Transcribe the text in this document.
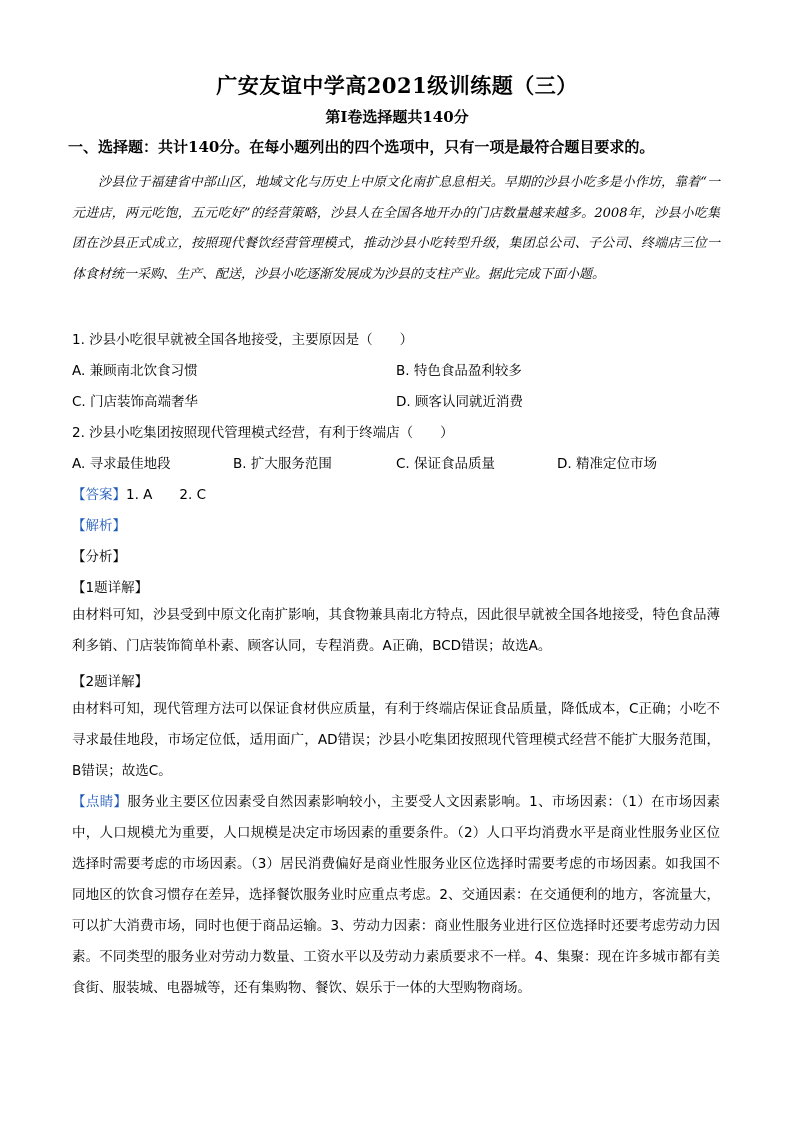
广安友谊中学高2021级训练题（三）
第Ⅰ卷选择题共140分
一、选择题：共计140分。在每小题列出的四个选项中，只有一项是最符合题目要求的。
沙县位于福建省中部山区，地域文化与历史上中原文化南扩息息相关。早期的沙县小吃多是小作坊，靠着“一元进店，两元吃饱，五元吃好”的经营策略，沙县人在全国各地开办的门店数量越来越多。2008年，沙县小吃集团在沙县正式成立，按照现代餐饮经营管理模式，推动沙县小吃转型升级，集团总公司、子公司、终端店三位一体食材统一采购、生产、配送，沙县小吃逐渐发展成为沙县的支柱产业。据此完成下面小题。
1. 沙县小吃很早就被全国各地接受，主要原因是（　　）
A. 兼顾南北饮食习惯	B. 特色食品盈利较多
C. 门店装饰高端奢华	D. 顾客认同就近消费
2. 沙县小吃集团按照现代管理模式经营，有利于终端店（　　）
A. 寻求最佳地段	B. 扩大服务范围	C. 保证食品质量	D. 精准定位市场
【答案】1. A　　2. C
【解析】
【分析】
【1题详解】
由材料可知，沙县受到中原文化南扩影响，其食物兼具南北方特点，因此很早就被全国各地接受，特色食品薄利多销、门店装饰简单朴素、顾客认同，专程消费。A正确，BCD错误；故选A。
【2题详解】
由材料可知，现代管理方法可以保证食材供应质量，有利于终端店保证食品质量，降低成本，C正确；小吃不寻求最佳地段，市场定位低，适用面广，AD错误；沙县小吃集团按照现代管理模式经营不能扩大服务范围，B错误；故选C。
【点睛】服务业主要区位因素受自然因素影响较小，主要受人文因素影响。1、市场因素：（1）在市场因素中，人口规模尤为重要，人口规模是决定市场因素的重要条件。（2）人口平均消费水平是商业性服务业区位选择时需要考虑的市场因素。（3）居民消费偏好是商业性服务业区位选择时需要考虑的市场因素。如我国不同地区的饮食习惯存在差异，选择餐饮服务业时应重点考虑。2、交通因素：在交通便利的地方，客流量大，可以扩大消费市场，同时也便于商品运输。3、劳动力因素：商业性服务业进行区位选择时还要考虑劳动力因素。不同类型的服务业对劳动力数量、工资水平以及劳动力素质要求不一样。4、集聚：现在许多城市都有美食街、服装城、电器城等，还有集购物、餐饮、娱乐于一体的大型购物商场。
